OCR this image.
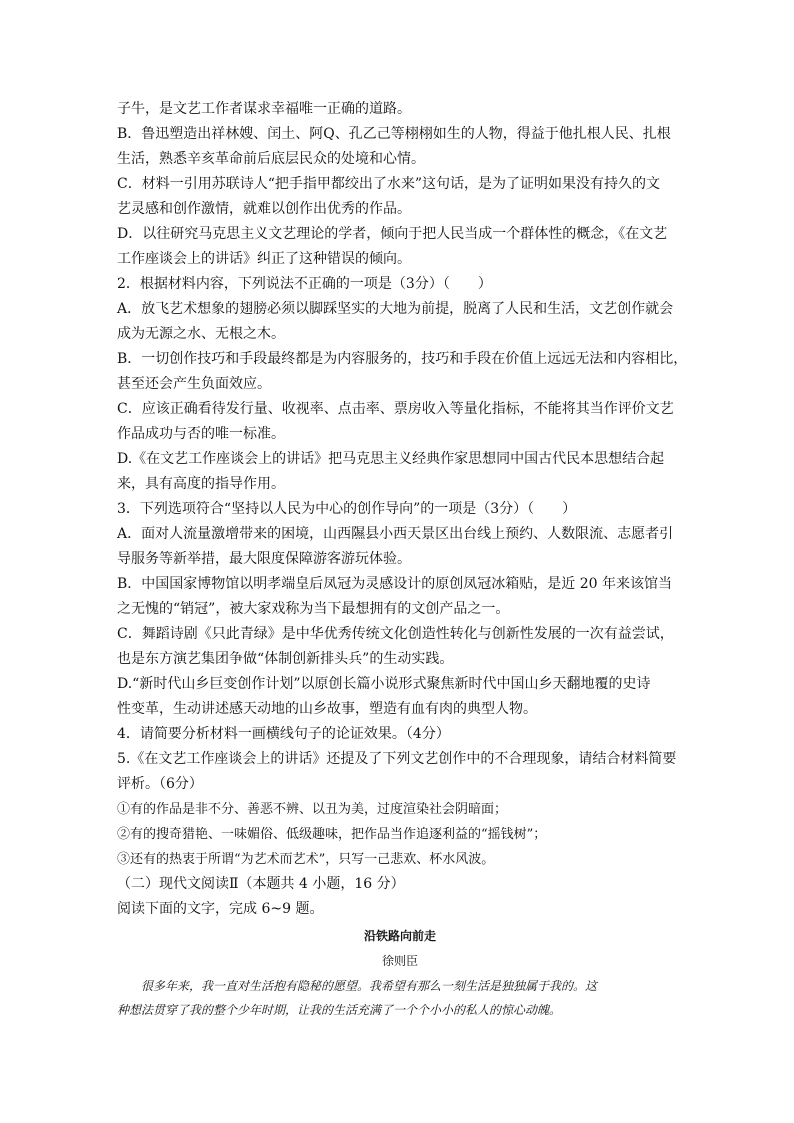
子牛，是文艺工作者谋求幸福唯一正确的道路。
B．鲁迅塑造出祥林嫂、闰土、阿Q、孔乙己等栩栩如生的人物，得益于他扎根人民、扎根
生活，熟悉辛亥革命前后底层民众的处境和心情。
C．材料一引用苏联诗人“把手指甲都绞出了水来”这句话，是为了证明如果没有持久的文
艺灵感和创作激情，就难以创作出优秀的作品。
D．以往研究马克思主义文艺理论的学者，倾向于把人民当成一个群体性的概念，《在文艺
工作座谈会上的讲话》纠正了这种错误的倾向。
2．根据材料内容，下列说法不正确的一项是（3分）（　　）
A．放飞艺术想象的翅膀必须以脚踩坚实的大地为前提，脱离了人民和生活，文艺创作就会
成为无源之水、无根之木。
B．一切创作技巧和手段最终都是为内容服务的，技巧和手段在价值上远远无法和内容相比，
甚至还会产生负面效应。
C．应该正确看待发行量、收视率、点击率、票房收入等量化指标，不能将其当作评价文艺
作品成功与否的唯一标准。
D.《在文艺工作座谈会上的讲话》把马克思主义经典作家思想同中国古代民本思想结合起
来，具有高度的指导作用。
3．下列选项符合“坚持以人民为中心的创作导向”的一项是（3分）（　　）
A．面对人流量激增带来的困境，山西隰县小西天景区出台线上预约、人数限流、志愿者引
导服务等新举措，最大限度保障游客游玩体验。
B．中国国家博物馆以明孝端皇后凤冠为灵感设计的原创凤冠冰箱贴，是近 20 年来该馆当
之无愧的“销冠”，被大家戏称为当下最想拥有的文创产品之一。
C．舞蹈诗剧《只此青绿》是中华优秀传统文化创造性转化与创新性发展的一次有益尝试，
也是东方演艺集团争做“体制创新排头兵”的生动实践。
D.“新时代山乡巨变创作计划”以原创长篇小说形式聚焦新时代中国山乡天翻地覆的史诗
性变革，生动讲述感天动地的山乡故事，塑造有血有肉的典型人物。
4．请简要分析材料一画横线句子的论证效果。（4分）
5.《在文艺工作座谈会上的讲话》还提及了下列文艺创作中的不合理现象，请结合材料简要
评析。（6分）
①有的作品是非不分、善恶不辨、以丑为美，过度渲染社会阴暗面；
②有的搜奇猎艳、一味媚俗、低级趣味，把作品当作追逐利益的“摇钱树”；
③还有的热衷于所谓“为艺术而艺术”，只写一己悲欢、杯水风波。
（二）现代文阅读Ⅱ（本题共 4 小题，16 分）
阅读下面的文字，完成 6~9 题。
沿铁路向前走
徐则臣
很多年来，我一直对生活抱有隐秘的愿望。我希望有那么一刻生活是独独属于我的。这
种想法贯穿了我的整个少年时期，让我的生活充满了一个个小小的私人的惊心动魄。
